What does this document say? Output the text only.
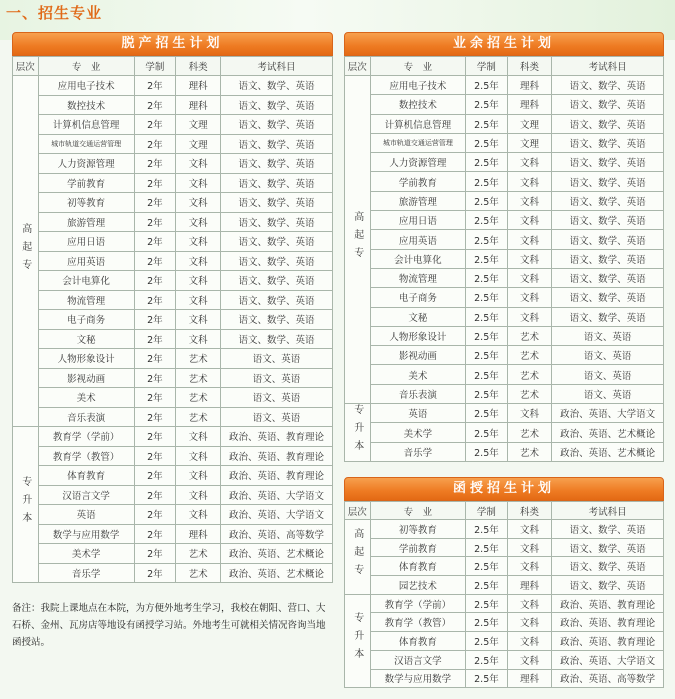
一、招生专业
脱产招生计划
层次	专　业	学制	科类	考试科目
高起专	应用电子技术	2年	理科	语文、数学、英语
	数控技术	2年	理科	语文、数学、英语
	计算机信息管理	2年	文理	语文、数学、英语
	城市轨道交通运营管理	2年	文理	语文、数学、英语
	人力资源管理	2年	文科	语文、数学、英语
	学前教育	2年	文科	语文、数学、英语
	初等教育	2年	文科	语文、数学、英语
	旅游管理	2年	文科	语文、数学、英语
	应用日语	2年	文科	语文、数学、英语
	应用英语	2年	文科	语文、数学、英语
	会计电算化	2年	文科	语文、数学、英语
	物流管理	2年	文科	语文、数学、英语
	电子商务	2年	文科	语文、数学、英语
	文秘	2年	文科	语文、数学、英语
	人物形象设计	2年	艺术	语文、英语
	影视动画	2年	艺术	语文、英语
	美术	2年	艺术	语文、英语
	音乐表演	2年	艺术	语文、英语
专升本	教育学（学前）	2年	文科	政治、英语、教育理论
	教育学（教管）	2年	文科	政治、英语、教育理论
	体育教育	2年	文科	政治、英语、教育理论
	汉语言文学	2年	文科	政治、英语、大学语文
	英语	2年	文科	政治、英语、大学语文
	数学与应用数学	2年	理科	政治、英语、高等数学
	美术学	2年	艺术	政治、英语、艺术概论
	音乐学	2年	艺术	政治、英语、艺术概论
业余招生计划
层次	专　业	学制	科类	考试科目
高起专	应用电子技术	2.5年	理科	语文、数学、英语
	数控技术	2.5年	理科	语文、数学、英语
	计算机信息管理	2.5年	文理	语文、数学、英语
	城市轨道交通运营管理	2.5年	文理	语文、数学、英语
	人力资源管理	2.5年	文科	语文、数学、英语
	学前教育	2.5年	文科	语文、数学、英语
	旅游管理	2.5年	文科	语文、数学、英语
	应用日语	2.5年	文科	语文、数学、英语
	应用英语	2.5年	文科	语文、数学、英语
	会计电算化	2.5年	文科	语文、数学、英语
	物流管理	2.5年	文科	语文、数学、英语
	电子商务	2.5年	文科	语文、数学、英语
	文秘	2.5年	文科	语文、数学、英语
	人物形象设计	2.5年	艺术	语文、英语
	影视动画	2.5年	艺术	语文、英语
	美术	2.5年	艺术	语文、英语
	音乐表演	2.5年	艺术	语文、英语
专升本	英语	2.5年	文科	政治、英语、大学语文
	美术学	2.5年	艺术	政治、英语、艺术概论
	音乐学	2.5年	艺术	政治、英语、艺术概论
函授招生计划
层次	专　业	学制	科类	考试科目
高起专	初等教育	2.5年	文科	语文、数学、英语
	学前教育	2.5年	文科	语文、数学、英语
	体育教育	2.5年	文科	语文、数学、英语
	园艺技术	2.5年	理科	语文、数学、英语
专升本	教育学（学前）	2.5年	文科	政治、英语、教育理论
	教育学（教管）	2.5年	文科	政治、英语、教育理论
	体育教育	2.5年	文科	政治、英语、教育理论
	汉语言文学	2.5年	文科	政治、英语、大学语文
	数学与应用数学	2.5年	理科	政治、英语、高等数学
备注：我院上课地点在本院，为方便外地考生学习，我校在朝阳、营口、大石桥、金州、瓦房店等地设有函授学习站。外地考生可就相关情况咨询当地函授站。
